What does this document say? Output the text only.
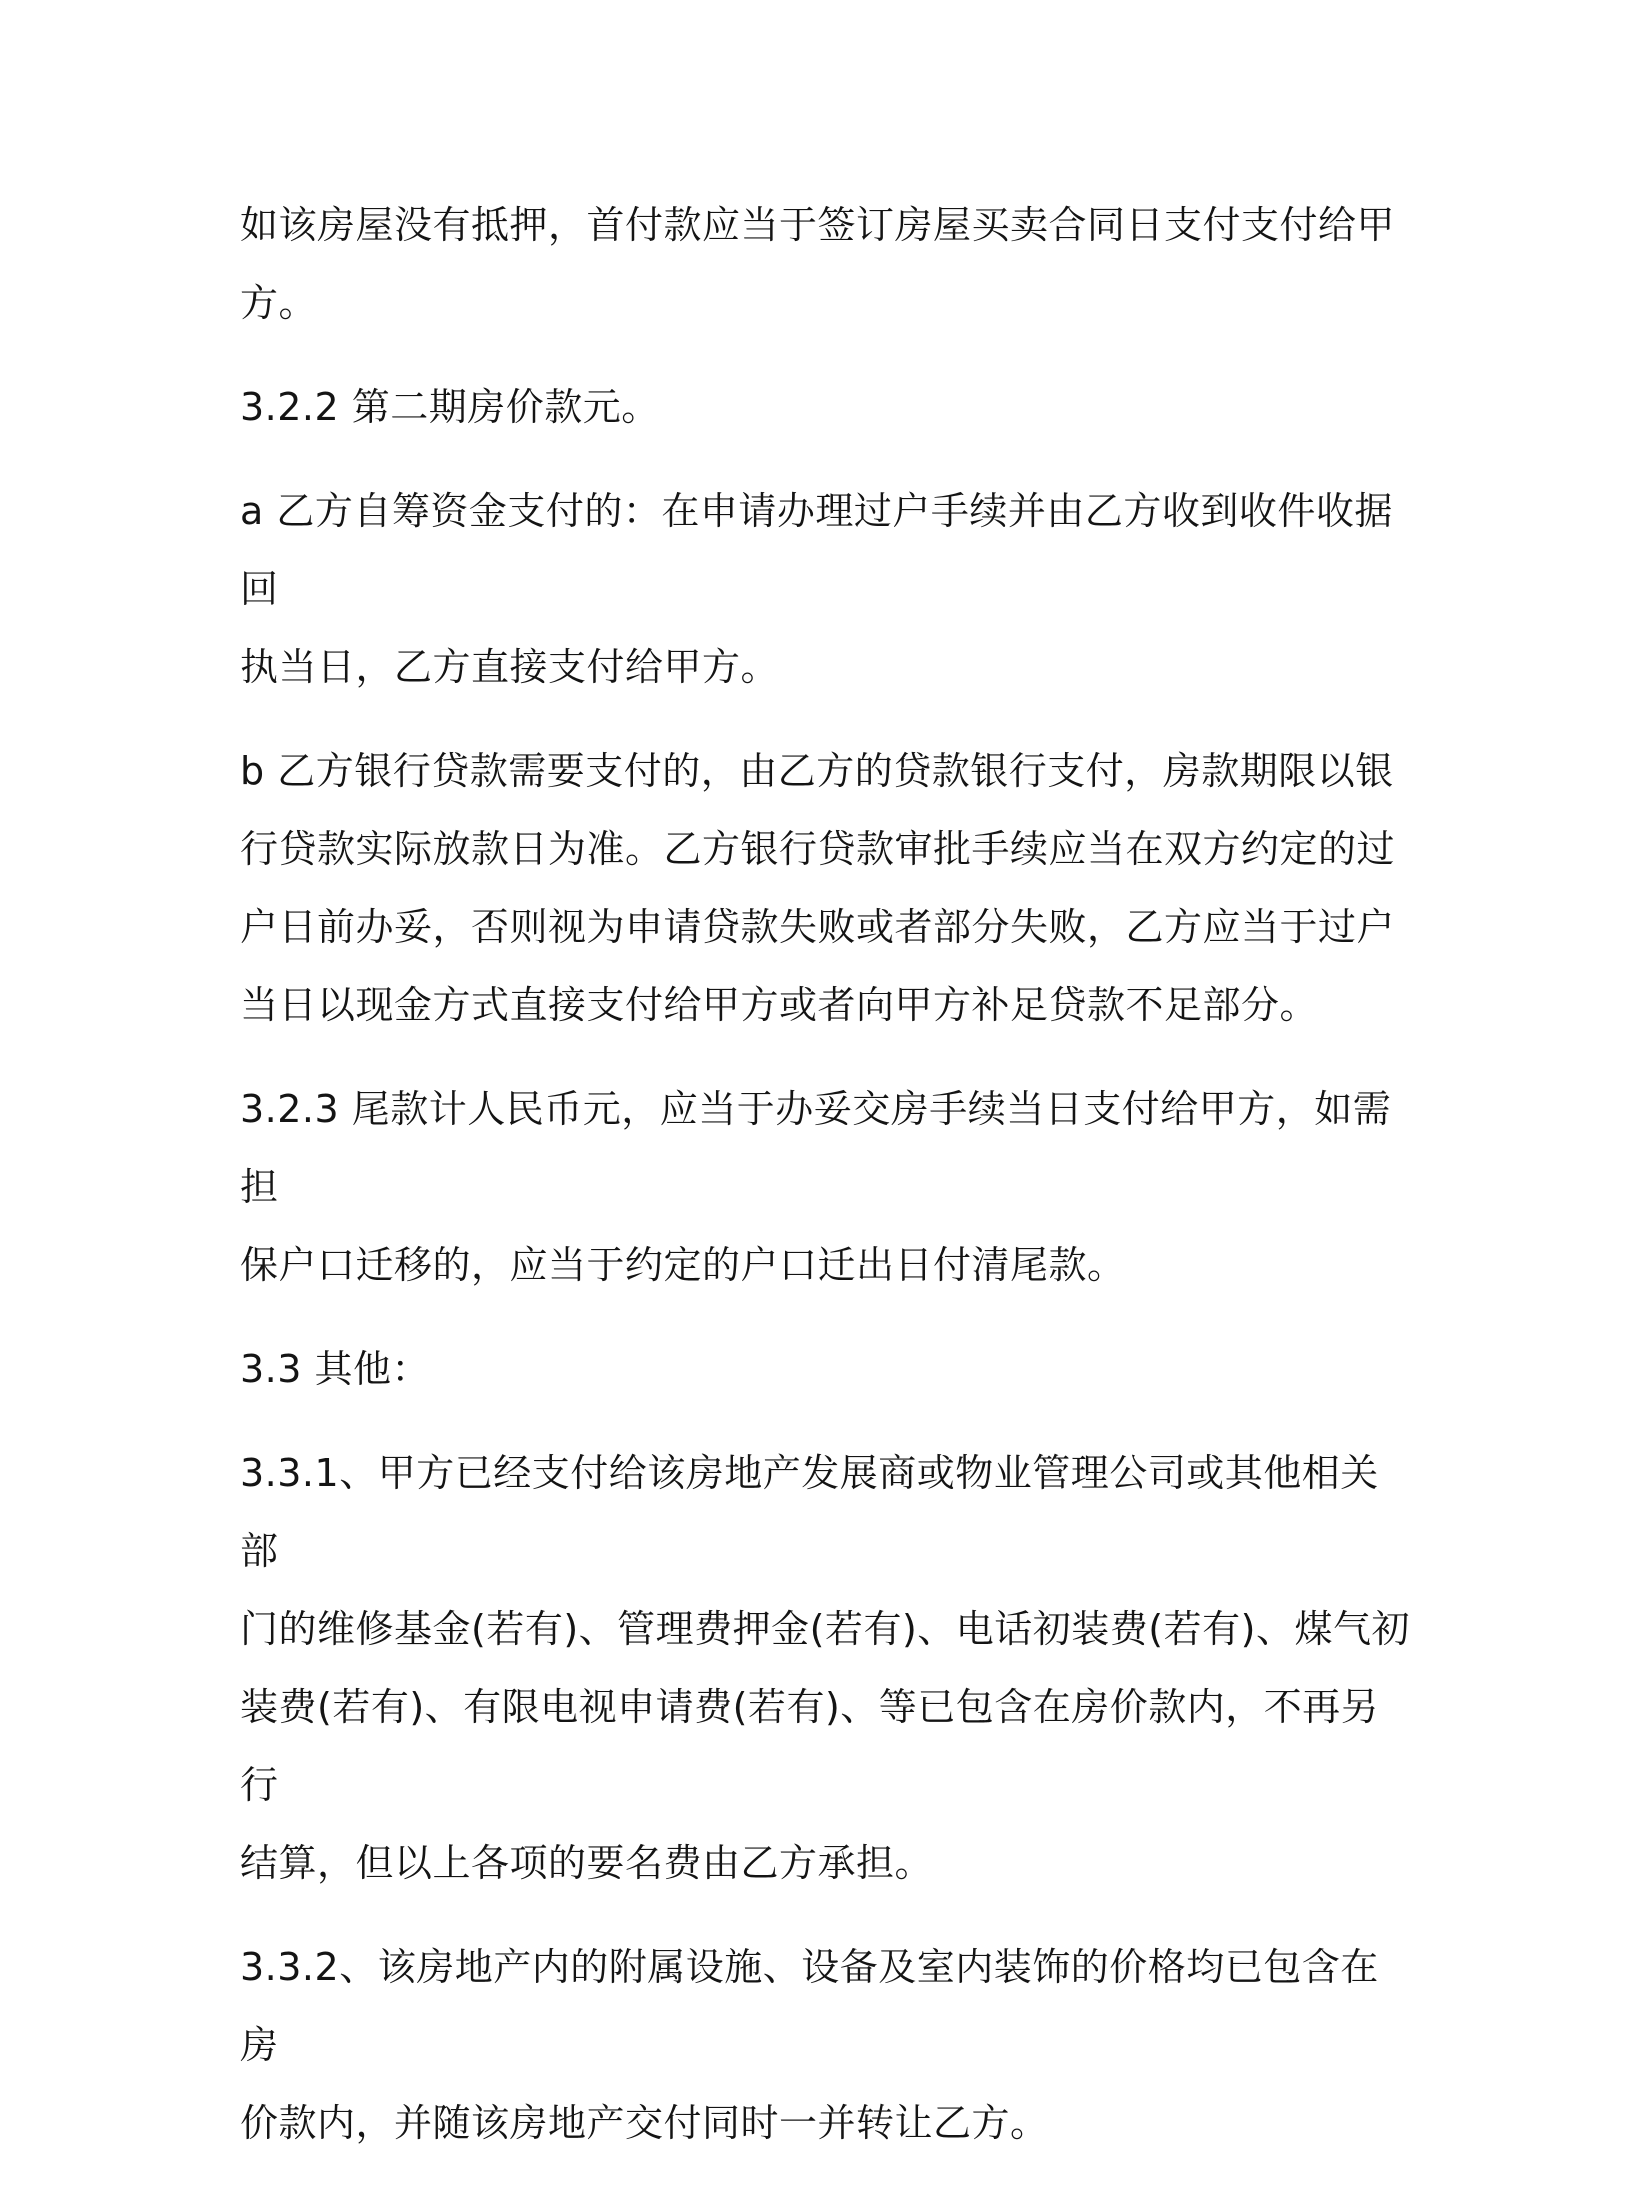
如该房屋没有抵押，首付款应当于签订房屋买卖合同日支付支付给甲
方。

3.2.2 第二期房价款元。

a 乙方自筹资金支付的：在申请办理过户手续并由乙方收到收件收据回
执当日，乙方直接支付给甲方。

b 乙方银行贷款需要支付的，由乙方的贷款银行支付，房款期限以银
行贷款实际放款日为准。乙方银行贷款审批手续应当在双方约定的过
户日前办妥，否则视为申请贷款失败或者部分失败，乙方应当于过户
当日以现金方式直接支付给甲方或者向甲方补足贷款不足部分。

3.2.3 尾款计人民币元，应当于办妥交房手续当日支付给甲方，如需担
保户口迁移的，应当于约定的户口迁出日付清尾款。

3.3 其他：

3.3.1、甲方已经支付给该房地产发展商或物业管理公司或其他相关部
门的维修基金(若有)、管理费押金(若有)、电话初装费(若有)、煤气初
装费(若有)、有限电视申请费(若有)、等已包含在房价款内，不再另行
结算，但以上各项的要名费由乙方承担。

3.3.2、该房地产内的附属设施、设备及室内装饰的价格均已包含在房
价款内，并随该房地产交付同时一并转让乙方。
